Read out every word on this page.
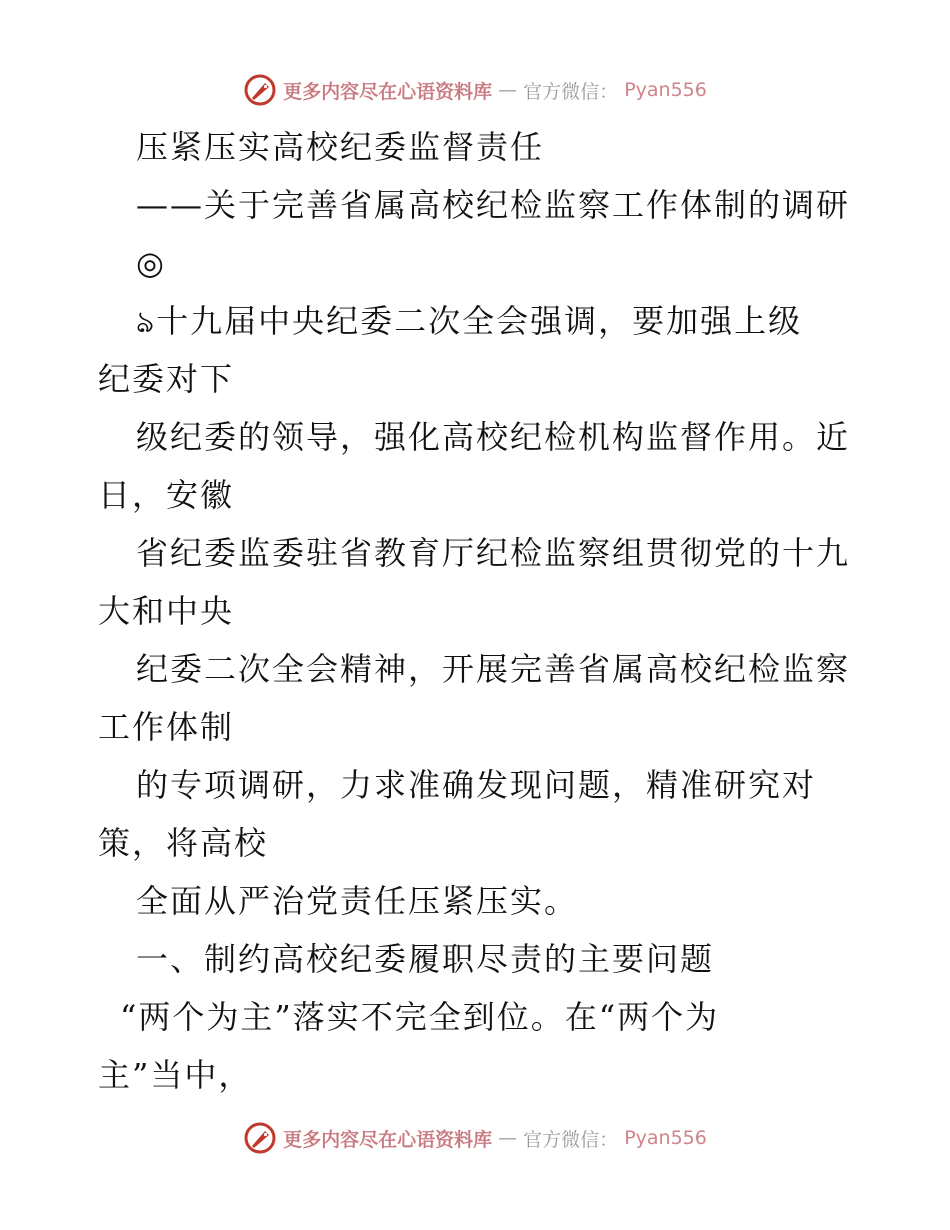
更多内容尽在心语资料库 — 官方微信： Pyan556
压紧压实高校纪委监督责任
——关于完善省属高校纪检监察工作体制的调研
◎
ঌ十九届中央纪委二次全会强调，要加强上级
纪委对下
级纪委的领导，强化高校纪检机构监督作用。近
日，安徽
省纪委监委驻省教育厅纪检监察组贯彻党的十九
大和中央
纪委二次全会精神，开展完善省属高校纪检监察
工作体制
的专项调研，力求准确发现问题，精准研究对
策，将高校
全面从严治党责任压紧压实。
一、制约高校纪委履职尽责的主要问题
“两个为主”落实不完全到位。在“两个为
主”当中，
更多内容尽在心语资料库 — 官方微信： Pyan556
